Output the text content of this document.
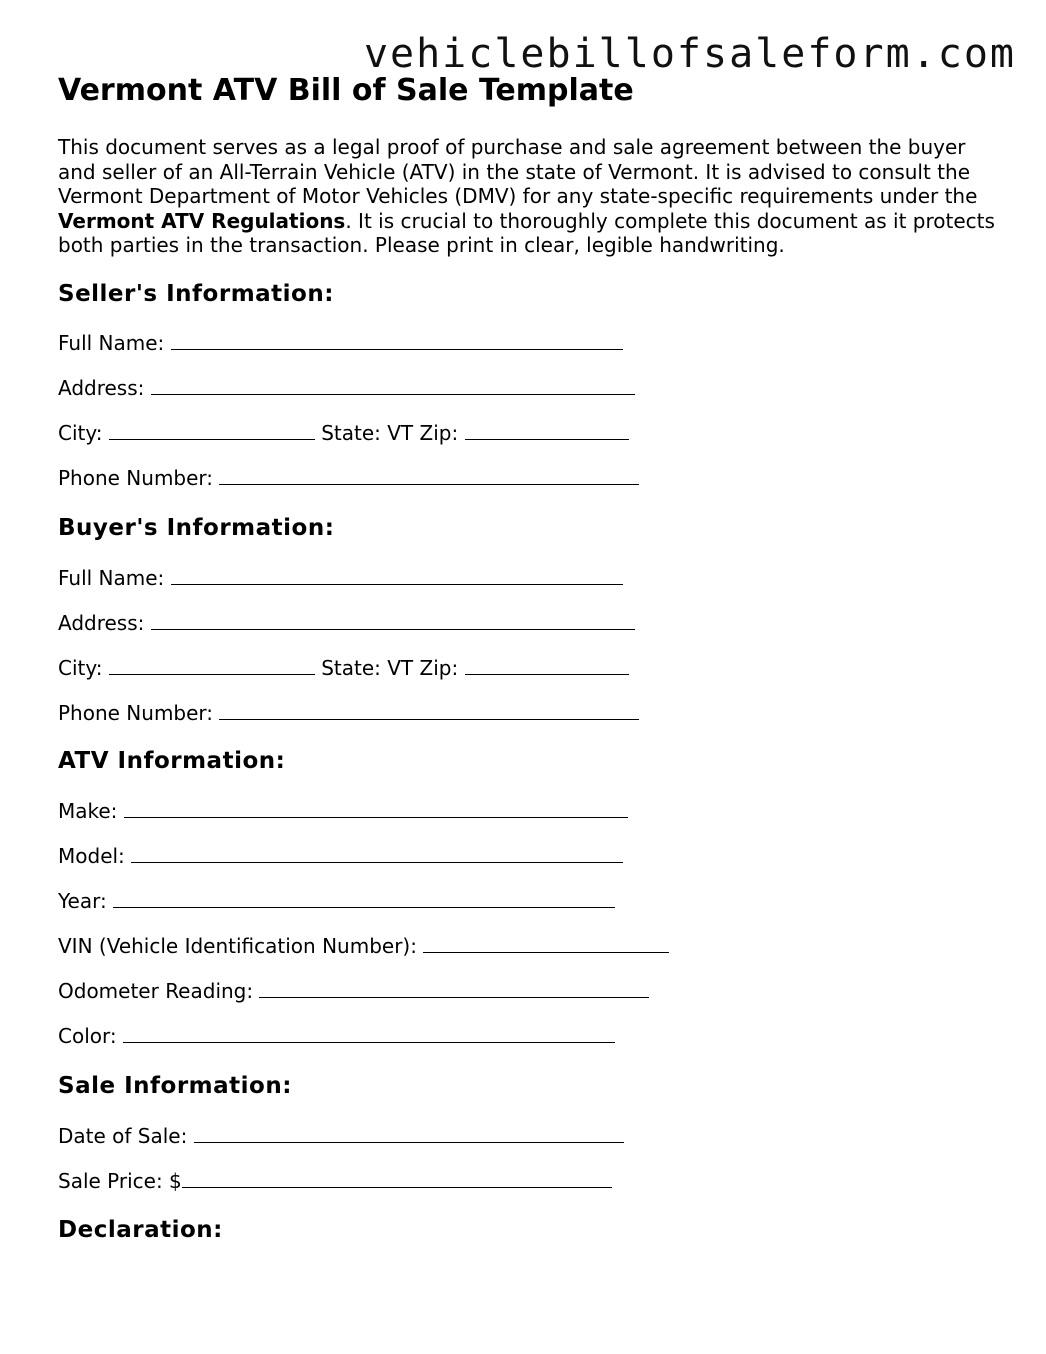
vehiclebillofsaleform.com
Vermont ATV Bill of Sale Template

This document serves as a legal proof of purchase and sale agreement between the buyer and seller of an All-Terrain Vehicle (ATV) in the state of Vermont. It is advised to consult the Vermont Department of Motor Vehicles (DMV) for any state-specific requirements under the Vermont ATV Regulations. It is crucial to thoroughly complete this document as it protects both parties in the transaction. Please print in clear, legible handwriting.

Seller's Information:
Full Name:
Address:
City:	State: VT Zip:
Phone Number:
Buyer's Information:
Full Name:
Address:
City:	State: VT Zip:
Phone Number:
ATV Information:
Make:
Model:
Year:
VIN (Vehicle Identification Number):
Odometer Reading:
Color:
Sale Information:
Date of Sale:
Sale Price: $
Declaration:
